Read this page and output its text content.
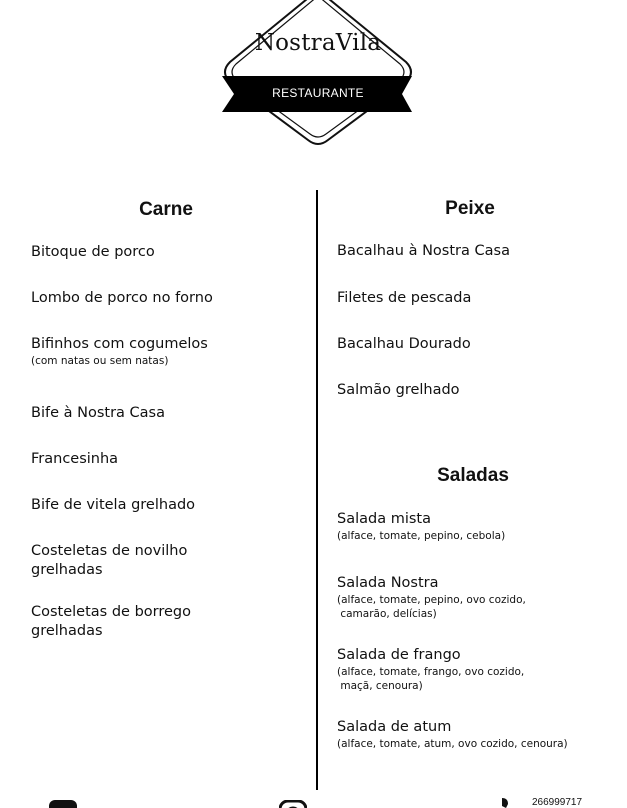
NostraVila
RESTAURANTE
Carne
Bitoque de porco
Lombo de porco no forno
Bifinhos com cogumelos
(com natas ou sem natas)
Bife à Nostra Casa
Francesinha
Bife de vitela grelhado
Costeletas de novilho
grelhadas
Costeletas de borrego
grelhadas
Peixe
Bacalhau à Nostra Casa
Filetes de pescada
Bacalhau Dourado
Salmão grelhado
Saladas
Salada mista
(alface, tomate, pepino, cebola)
Salada Nostra
(alface, tomate, pepino, ovo cozido,
camarão, delícias)
Salada de frango
(alface, tomate, frango, ovo cozido,
maçã, cenoura)
Salada de atum
(alface, tomate, atum, ovo cozido, cenoura)
266999717
